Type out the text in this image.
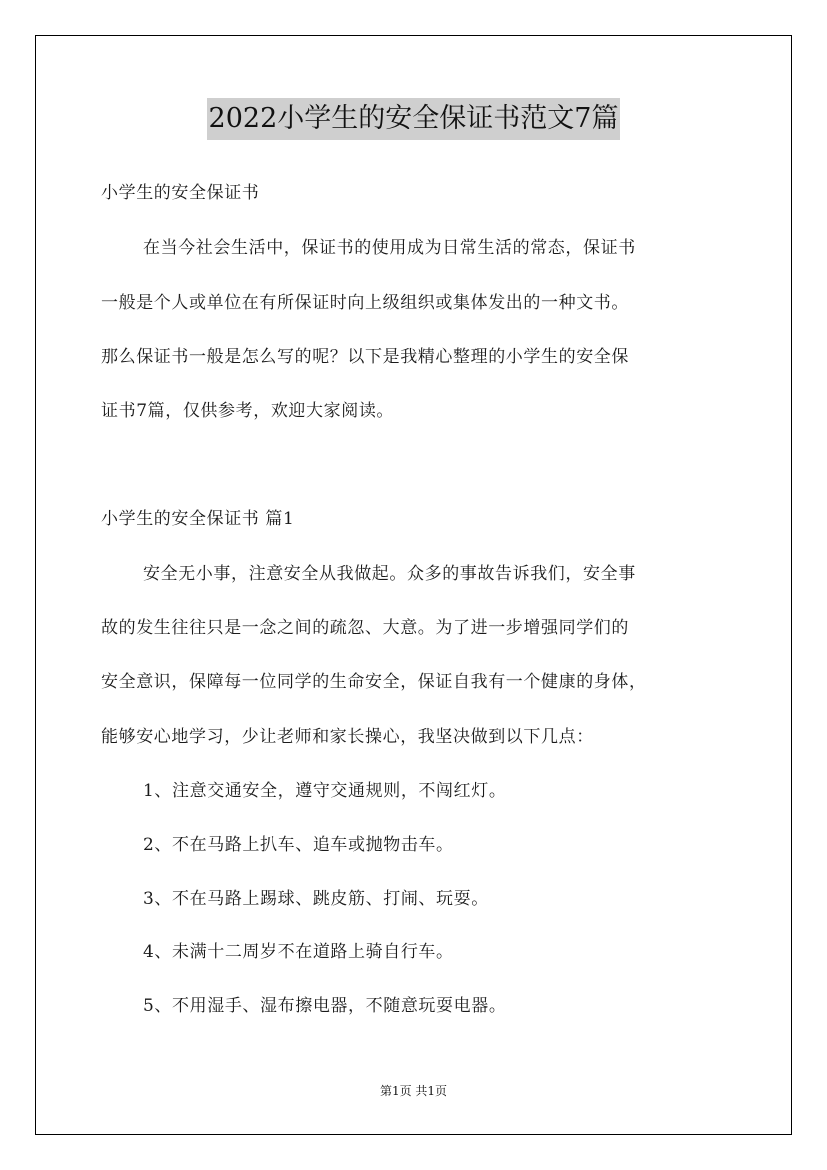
2022小学生的安全保证书范文7篇
小学生的安全保证书
在当今社会生活中，保证书的使用成为日常生活的常态，保证书
一般是个人或单位在有所保证时向上级组织或集体发出的一种文书。
那么保证书一般是怎么写的呢？以下是我精心整理的小学生的安全保
证书7篇，仅供参考，欢迎大家阅读。
小学生的安全保证书 篇1
安全无小事，注意安全从我做起。众多的事故告诉我们，安全事
故的发生往往只是一念之间的疏忽、大意。为了进一步增强同学们的
安全意识，保障每一位同学的生命安全，保证自我有一个健康的身体，
能够安心地学习，少让老师和家长操心，我坚决做到以下几点：
1、注意交通安全，遵守交通规则，不闯红灯。
2、不在马路上扒车、追车或抛物击车。
3、不在马路上踢球、跳皮筋、打闹、玩耍。
4、未满十二周岁不在道路上骑自行车。
5、不用湿手、湿布擦电器，不随意玩耍电器。
第1页 共1页
